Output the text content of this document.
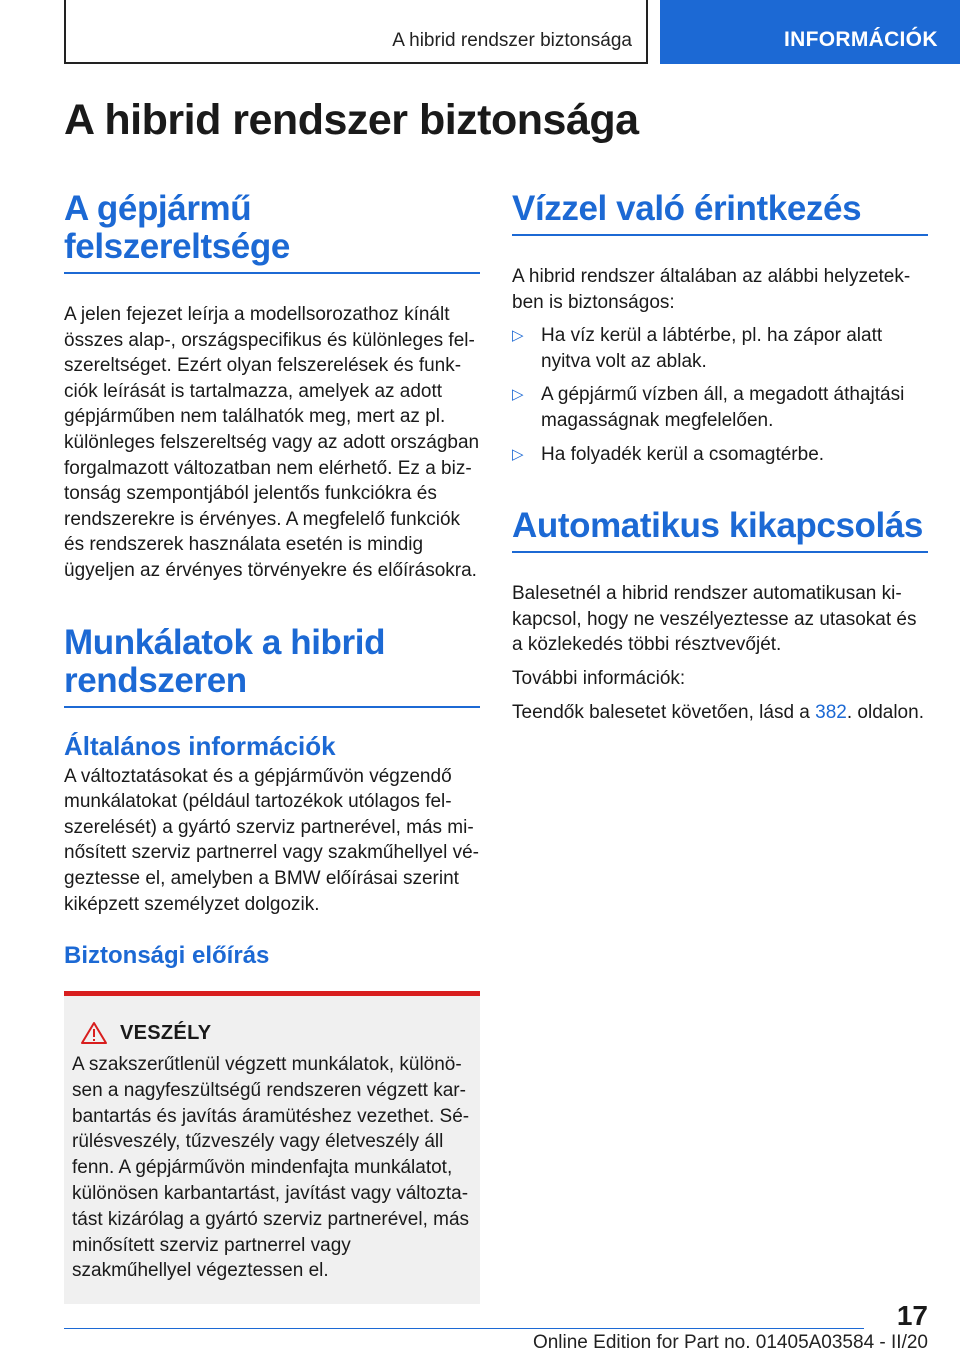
A hibrid rendszer biztonsága	INFORMÁCIÓK
A hibrid rendszer biztonsága
A gépjármű felszereltsége

A jelen fejezet leírja a modellsorozathoz kínált összes alap-, országspecifikus és különleges felszereltséget. Ezért olyan felszerelések és funkciók leírását is tartalmazza, amelyek az adott gépjárműben nem találhatók meg, mert az pl. különleges felszereltség vagy az adott országban forgalmazott változatban nem elérhető. Ez a biztonság szempontjából jelentős funkciókra és rendszerekre is érvényes. A megfelelő funkciók és rendszerek használata esetén is mindig ügyeljen az érvényes törvényekre és előírásokra.

Munkálatok a hibrid rendszeren
Általános információk

A változtatásokat és a gépjárművön végzendő munkálatokat (például tartozékok utólagos felszerelését) a gyártó szerviz partnerével, más minősített szerviz partnerrel vagy szakműhellyel végeztesse el, amelyben a BMW előírásai szerint kiképzett személyzet dolgozik.

Biztonsági előírás
VESZÉLY

A szakszerűtlenül végzett munkálatok, különösen a nagyfeszültségű rendszeren végzett karbantartás és javítás áramütéshez vezethet. Sérülésveszély, tűzveszély vagy életveszély áll fenn. A gépjárművön mindenfajta munkálatot, különösen karbantartást, javítást vagy változtatást kizárólag a gyártó szerviz partnerével, más minősített szerviz partnerrel vagy szakműhellyel végeztessen el.

Vízzel való érintkezés

A hibrid rendszer általában az alábbi helyzetekben is biztonságos:

▷ Ha víz kerül a lábtérbe, pl. ha zápor alatt nyitva volt az ablak.
▷ A gépjármű vízben áll, a megadott áthajtási magasságnak megfelelően.
▷ Ha folyadék kerül a csomagtérbe.
Automatikus kikapcsolás

Balesetnél a hibrid rendszer automatikusan kikapcsol, hogy ne veszélyeztesse az utasokat és a közlekedés többi résztvevőjét.

További információk:

Teendők balesetet követően, lásd a 382. oldalon.

17
Online Edition for Part no. 01405A03584 - II/20
